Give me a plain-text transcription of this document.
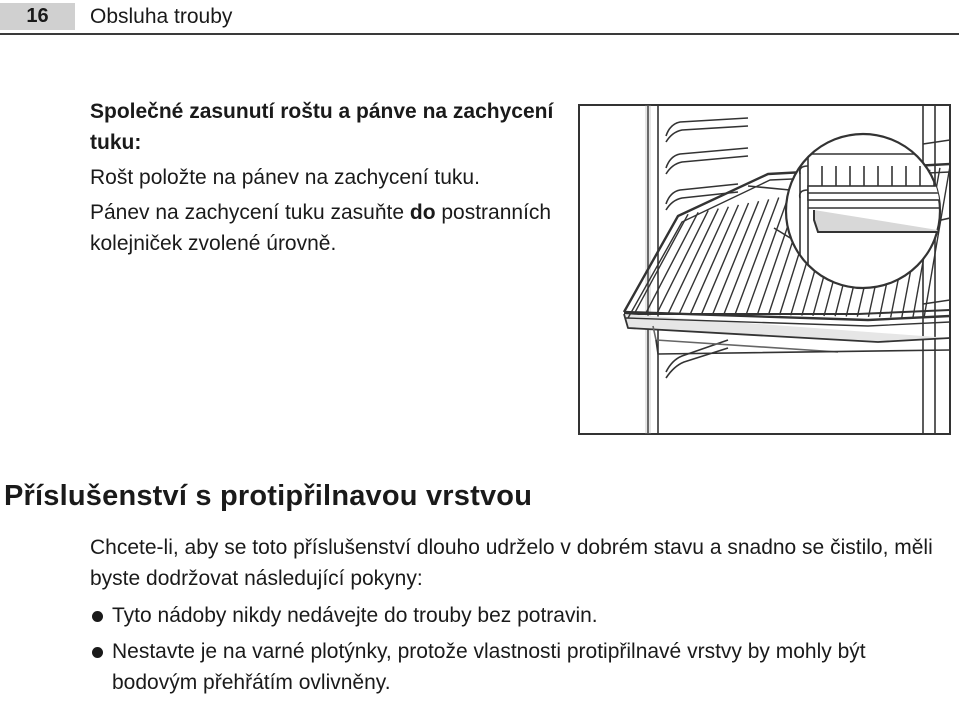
16	Obsluha trouby

Společné zasunutí roštu a pánve na zachycení tuku:

Rošt položte na pánev na zachycení tuku.

Pánev na zachycení tuku zasuňte do postranních kolejniček zvolené úrovně.

Příslušenství s protipřilnavou vrstvou

Chcete-li, aby se toto příslušenství dlouho udrželo v dobrém stavu a snadno se čistilo, měli byste dodržovat následující pokyny:

Tyto nádoby nikdy nedávejte do trouby bez potravin.
Nestavte je na varné plotýnky, protože vlastnosti protipřilnavé vrstvy by mohly být bodovým přehřátím ovlivněny.
